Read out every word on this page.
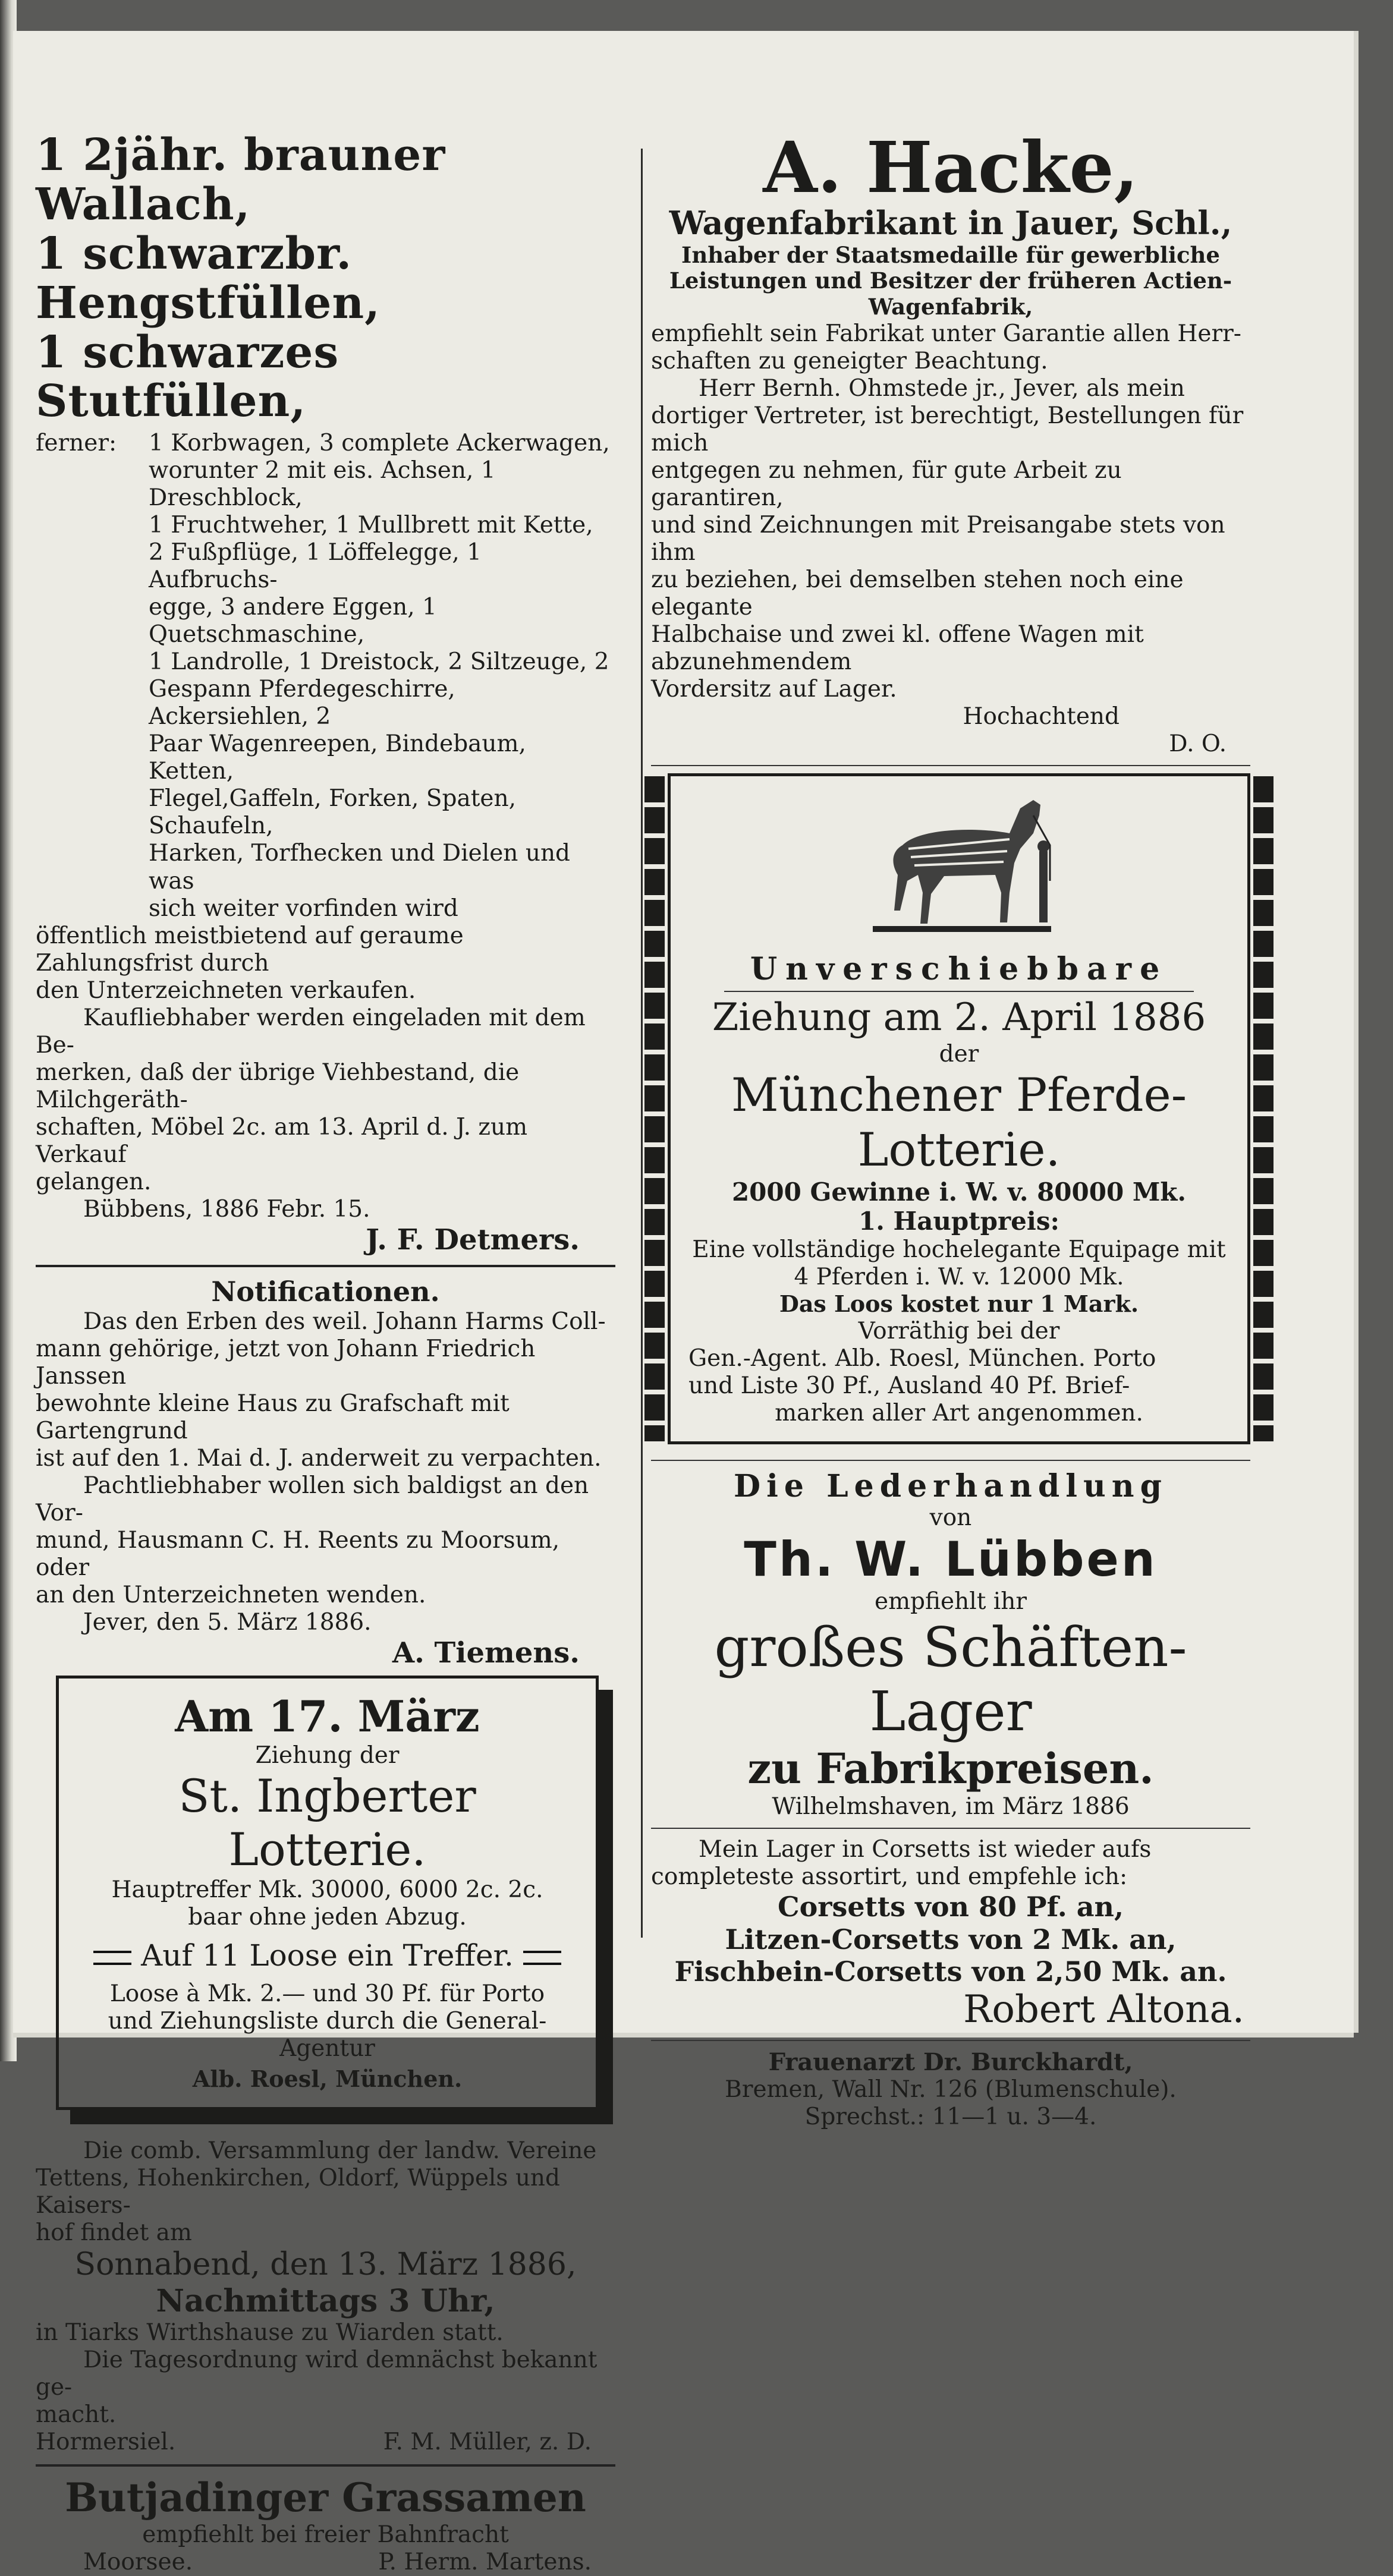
1 2jähr. brauner Wallach,

1 schwarzbr. Hengstfüllen,

1 schwarzes Stutfüllen,

ferner:	1 Korbwagen, 3 complete Ackerwagen,

worunter 2 mit eis. Achsen, 1 Dreschblock,

1 Fruchtweher, 1 Mullbrett mit Kette,

2 Fußpflüge, 1 Löffelegge, 1 Aufbruchs-

egge, 3 andere Eggen, 1 Quetschmaschine,

1 Landrolle, 1 Dreistock, 2 Siltzeuge, 2

Gespann Pferdegeschirre, Ackersiehlen, 2

Paar Wagenreepen, Bindebaum, Ketten,

Flegel,Gaffeln, Forken, Spaten, Schaufeln,

Harken, Torfhecken und Dielen und was

sich weiter vorfinden wird

öffentlich meistbietend auf geraume Zahlungsfrist durch

den Unterzeichneten verkaufen.

Kaufliebhaber werden eingeladen mit dem Be-

merken, daß der übrige Viehbestand, die Milchgeräth-

schaften, Möbel 2c. am 13. April d. J. zum Verkauf

gelangen.

Bübbens, 1886 Febr. 15.

J. F. Detmers.

Notificationen.

Das den Erben des weil. Johann Harms Coll-

mann gehörige, jetzt von Johann Friedrich Janssen

bewohnte kleine Haus zu Grafschaft mit Gartengrund

ist auf den 1. Mai d. J. anderweit zu verpachten.

Pachtliebhaber wollen sich baldigst an den Vor-

mund, Hausmann C. H. Reents zu Moorsum, oder

an den Unterzeichneten wenden.

Jever, den 5. März 1886.

A. Tiemens.

Am 17. März

Ziehung der

St. Ingberter Lotterie.

Hauptreffer Mk. 30000, 6000 2c. 2c.

baar ohne jeden Abzug.

Auf 11 Loose ein Treffer.

Loose à Mk. 2.— und 30 Pf. für Porto

und Ziehungsliste durch die General-Agentur

Alb. Roesl, München.

Die comb. Versammlung der landw. Vereine

Tettens, Hohenkirchen, Oldorf, Wüppels und Kaisers-

hof findet am

Sonnabend, den 13. März 1886,

Nachmittags 3 Uhr,

in Tiarks Wirthshause zu Wiarden statt.

Die Tagesordnung wird demnächst bekannt ge-

macht.

Hormersiel.	F. M. Müller, z. D.

Butjadinger Grassamen

empfiehlt bei freier Bahnfracht

Moorsee.	P. Herm. Martens.

A. Hacke,

Wagenfabrikant in Jauer, Schl.,

Inhaber der Staatsmedaille für gewerbliche

Leistungen und Besitzer der früheren Actien-

Wagenfabrik,

empfiehlt sein Fabrikat unter Garantie allen Herr-

schaften zu geneigter Beachtung.

Herr Bernh. Ohmstede jr., Jever, als mein

dortiger Vertreter, ist berechtigt, Bestellungen für mich

entgegen zu nehmen, für gute Arbeit zu garantiren,

und sind Zeichnungen mit Preisangabe stets von ihm

zu beziehen, bei demselben stehen noch eine elegante

Halbchaise und zwei kl. offene Wagen mit abzunehmendem

Vordersitz auf Lager.

Hochachtend

D. O.

Unverschiebbare

Ziehung am 2. April 1886

der

Münchener Pferde-Lotterie.

2000 Gewinne i. W. v. 80000 Mk.

1. Hauptpreis:

Eine vollständige hochelegante Equipage mit

4 Pferden i. W. v. 12000 Mk.

Das Loos kostet nur 1 Mark.

Vorräthig bei der

Gen.-Agent. Alb. Roesl, München. Porto

und Liste 30 Pf., Ausland 40 Pf. Brief-

marken aller Art angenommen.

Die Lederhandlung

von

Th. W. Lübben

empfiehlt ihr

großes Schäften-Lager

zu Fabrikpreisen.

Wilhelmshaven, im März 1886

Mein Lager in Corsetts ist wieder aufs

completeste assortirt, und empfehle ich:

Corsetts von 80 Pf. an,

Litzen-Corsetts von 2 Mk. an,

Fischbein-Corsetts von 2,50 Mk. an.

Robert Altona.

Frauenarzt Dr. Burckhardt,

Bremen, Wall Nr. 126 (Blumenschule).

Sprechst.: 11—1 u. 3—4.
